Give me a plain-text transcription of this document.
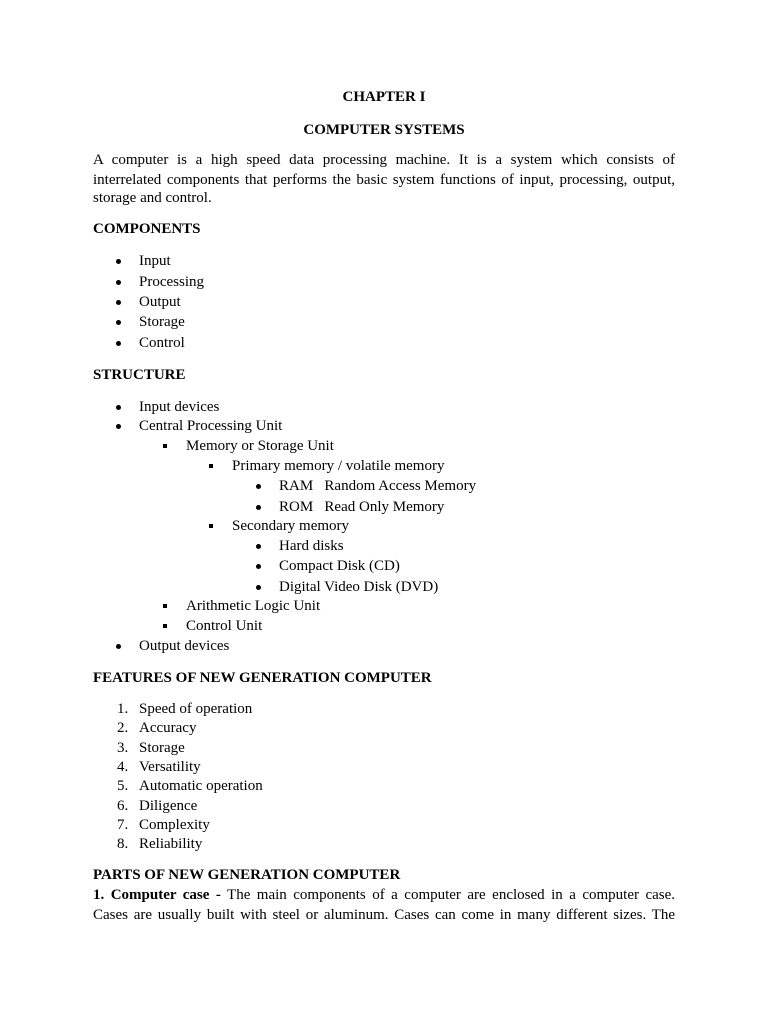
CHAPTER I
COMPUTER SYSTEMS
A computer is a high speed data processing machine. It is a system which consists of
interrelated components that performs the basic system functions of input, processing, output,
storage and control.
COMPONENTS
Input
Processing
Output
Storage
Control
STRUCTURE
Input devices
Central Processing Unit
Memory or Storage Unit
Primary memory / volatile memory
RAM   Random Access Memory
ROM   Read Only Memory
Secondary memory
Hard disks
Compact Disk (CD)
Digital Video Disk (DVD)
Arithmetic Logic Unit
Control Unit
Output devices
FEATURES OF NEW GENERATION COMPUTER
1. Speed of operation
2. Accuracy
3. Storage
4. Versatility
5. Automatic operation
6. Diligence
7. Complexity
8. Reliability
PARTS OF NEW GENERATION COMPUTER
1. Computer case - The main components of a computer are enclosed in a computer case.
Cases are usually built with steel or aluminum. Cases can come in many different sizes. The
